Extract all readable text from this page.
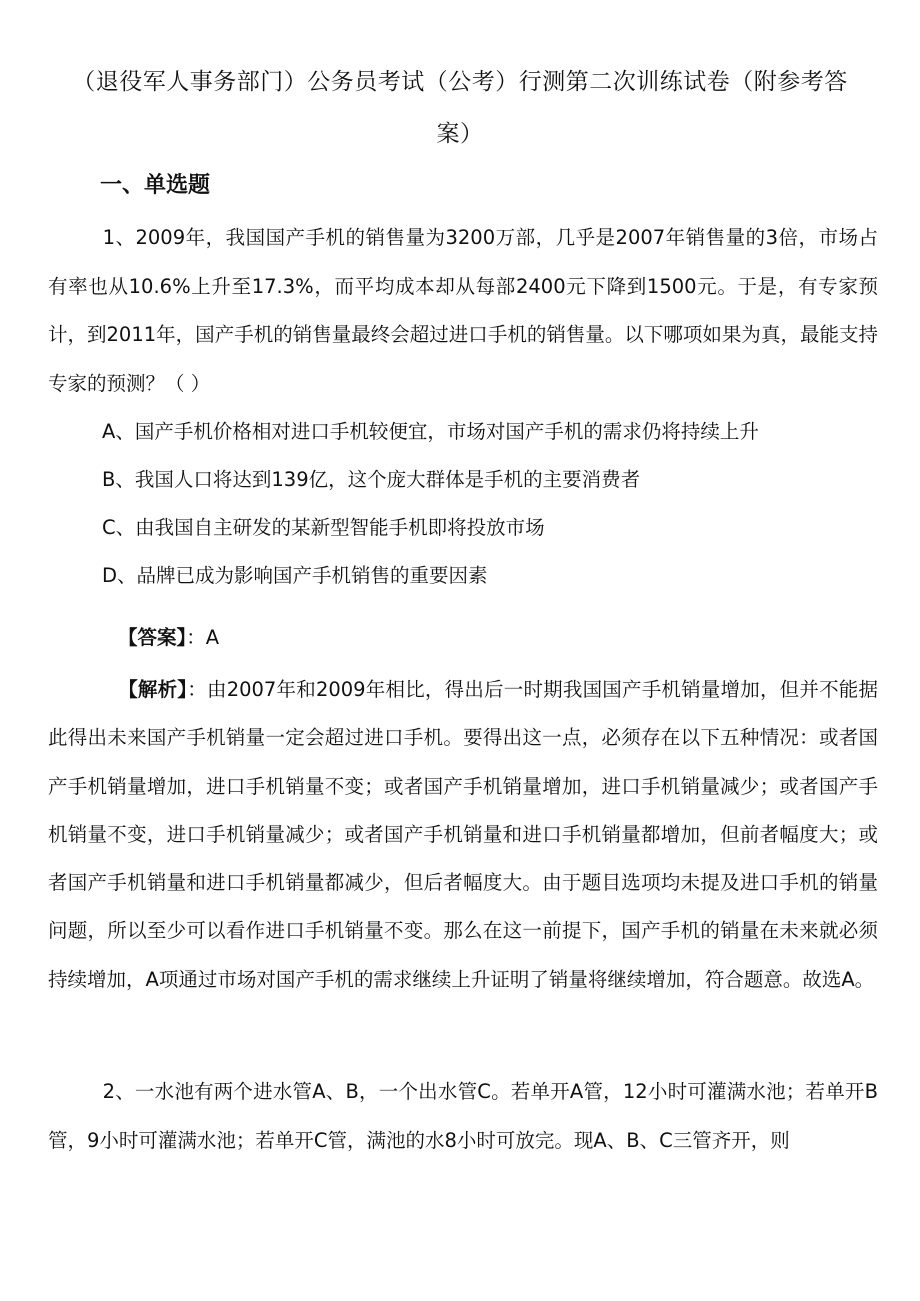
（退役军人事务部门）公务员考试（公考）行测第二次训练试卷（附参考答案）
一、单选题
1、2009年，我国国产手机的销售量为3200万部，几乎是2007年销售量的3倍，市场占有率也从10.6%上升至17.3%，而平均成本却从每部2400元下降到1500元。于是，有专家预计，到2011年，国产手机的销售量最终会超过进口手机的销售量。以下哪项如果为真，最能支持专家的预测？（ ）
A、国产手机价格相对进口手机较便宜，市场对国产手机的需求仍将持续上升
B、我国人口将达到139亿，这个庞大群体是手机的主要消费者
C、由我国自主研发的某新型智能手机即将投放市场
D、品牌已成为影响国产手机销售的重要因素
【答案】：A
【解析】：由2007年和2009年相比，得出后一时期我国国产手机销量增加，但并不能据此得出未来国产手机销量一定会超过进口手机。要得出这一点，必须存在以下五种情况：或者国产手机销量增加，进口手机销量不变；或者国产手机销量增加，进口手机销量减少；或者国产手机销量不变，进口手机销量减少；或者国产手机销量和进口手机销量都增加，但前者幅度大；或者国产手机销量和进口手机销量都减少，但后者幅度大。由于题目选项均未提及进口手机的销量问题，所以至少可以看作进口手机销量不变。那么在这一前提下，国产手机的销量在未来就必须持续增加，A项通过市场对国产手机的需求继续上升证明了销量将继续增加，符合题意。故选A。
2、一水池有两个进水管A、B，一个出水管C。若单开A管，12小时可灌满水池；若单开B管，9小时可灌满水池；若单开C管，满池的水8小时可放完。现A、B、C三管齐开，则
